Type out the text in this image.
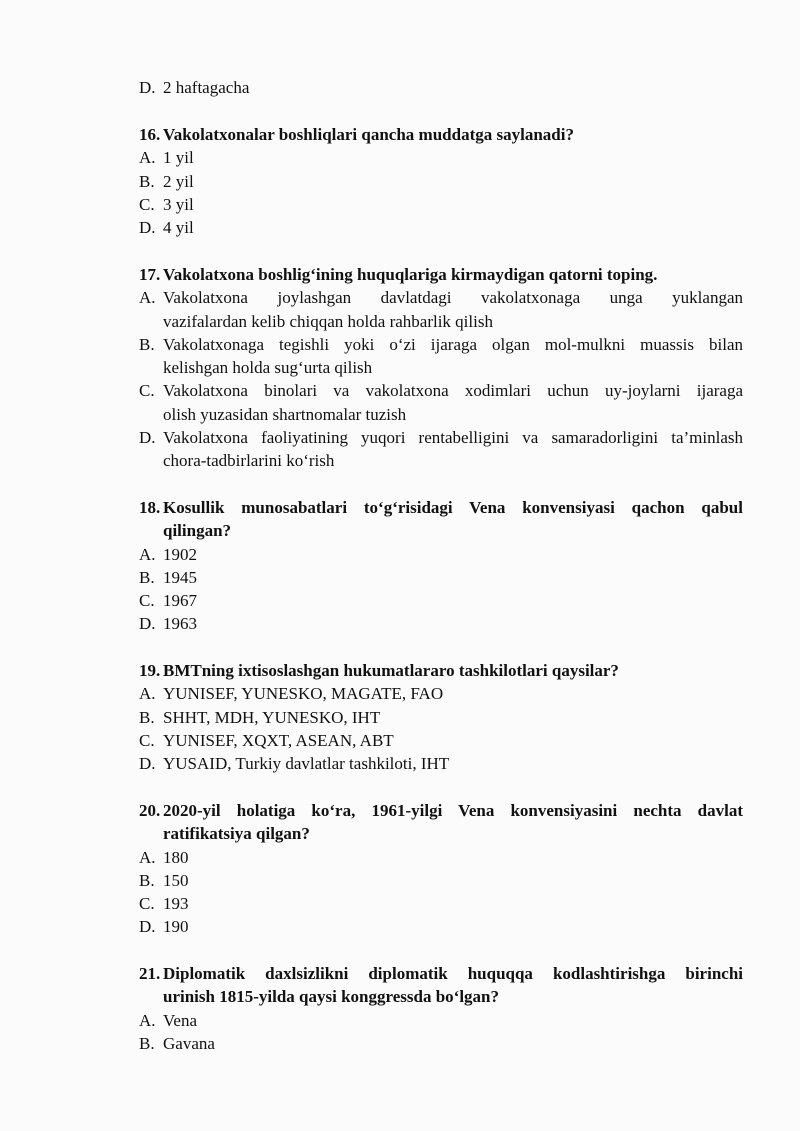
D. 2 haftagacha
16. Vakolatxonalar boshliqlari qancha muddatga saylanadi?
A. 1 yil
B. 2 yil
C. 3 yil
D. 4 yil
17. Vakolatxona boshlig‘ining huquqlariga kirmaydigan qatorni toping.
A. Vakolatxona joylashgan davlatdagi vakolatxonaga unga yuklangan
vazifalardan kelib chiqqan holda rahbarlik qilish
B. Vakolatxonaga tegishli yoki o‘zi ijaraga olgan mol-mulkni muassis bilan
kelishgan holda sug‘urta qilish
C. Vakolatxona binolari va vakolatxona xodimlari uchun uy-joylarni ijaraga
olish yuzasidan shartnomalar tuzish
D. Vakolatxona faoliyatining yuqori rentabelligini va samaradorligini ta’minlash
chora-tadbirlarini ko‘rish
18. Kosullik munosabatlari to‘g‘risidagi Vena konvensiyasi qachon qabul
qilingan?
A. 1902
B. 1945
C. 1967
D. 1963
19. BMTning ixtisoslashgan hukumatlararo tashkilotlari qaysilar?
A. YUNISEF, YUNESKO, MAGATE, FAO
B. SHHT, MDH, YUNESKO, IHT
C. YUNISEF, XQXT, ASEAN, ABT
D. YUSAID, Turkiy davlatlar tashkiloti, IHT
20. 2020-yil holatiga ko‘ra, 1961-yilgi Vena konvensiyasini nechta davlat
ratifikatsiya qilgan?
A. 180
B. 150
C. 193
D. 190
21. Diplomatik daxlsizlikni diplomatik huquqqa kodlashtirishga birinchi
urinish 1815-yilda qaysi konggressda bo‘lgan?
A. Vena
B. Gavana
